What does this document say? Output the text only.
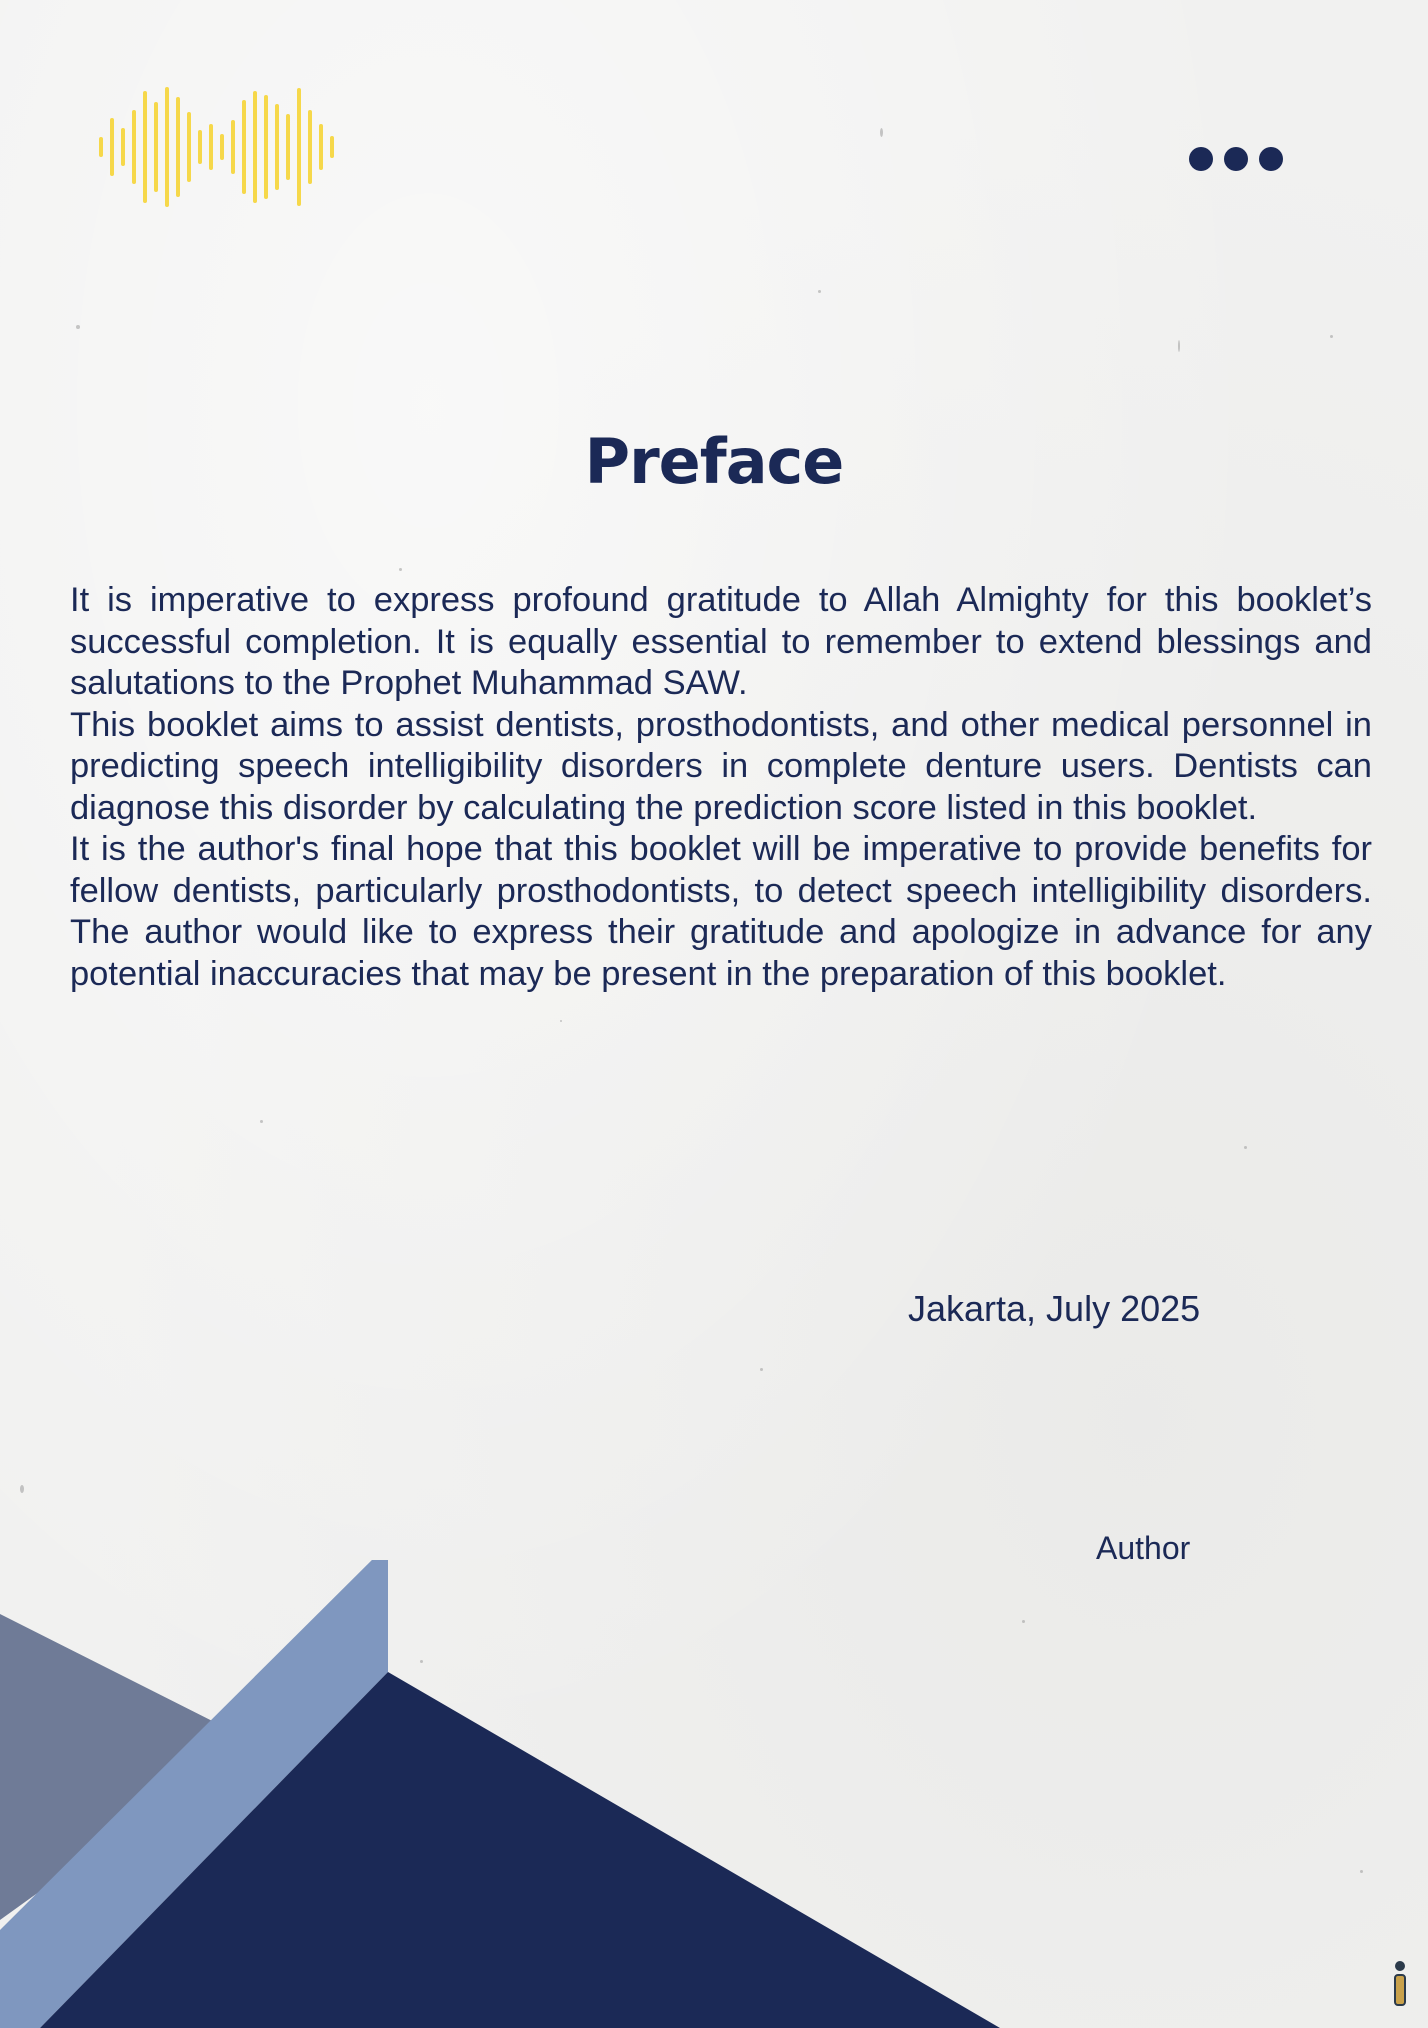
Preface

It is imperative to express profound gratitude to Allah Almighty for this booklet’s successful completion. It is equally essential to remember to extend blessings and salutations to the Prophet Muhammad SAW.

This booklet aims to assist dentists, prosthodontists, and other medical personnel in predicting speech intelligibility disorders in complete denture users. Dentists can diagnose this disorder by calculating the prediction score listed in this booklet.

It is the author's final hope that this booklet will be imperative to provide benefits for fellow dentists, particularly prosthodontists, to detect speech intelligibility disorders. The author would like to express their gratitude and apologize in advance for any potential inaccuracies that may be present in the preparation of this booklet.

Jakarta, July 2025

Author
